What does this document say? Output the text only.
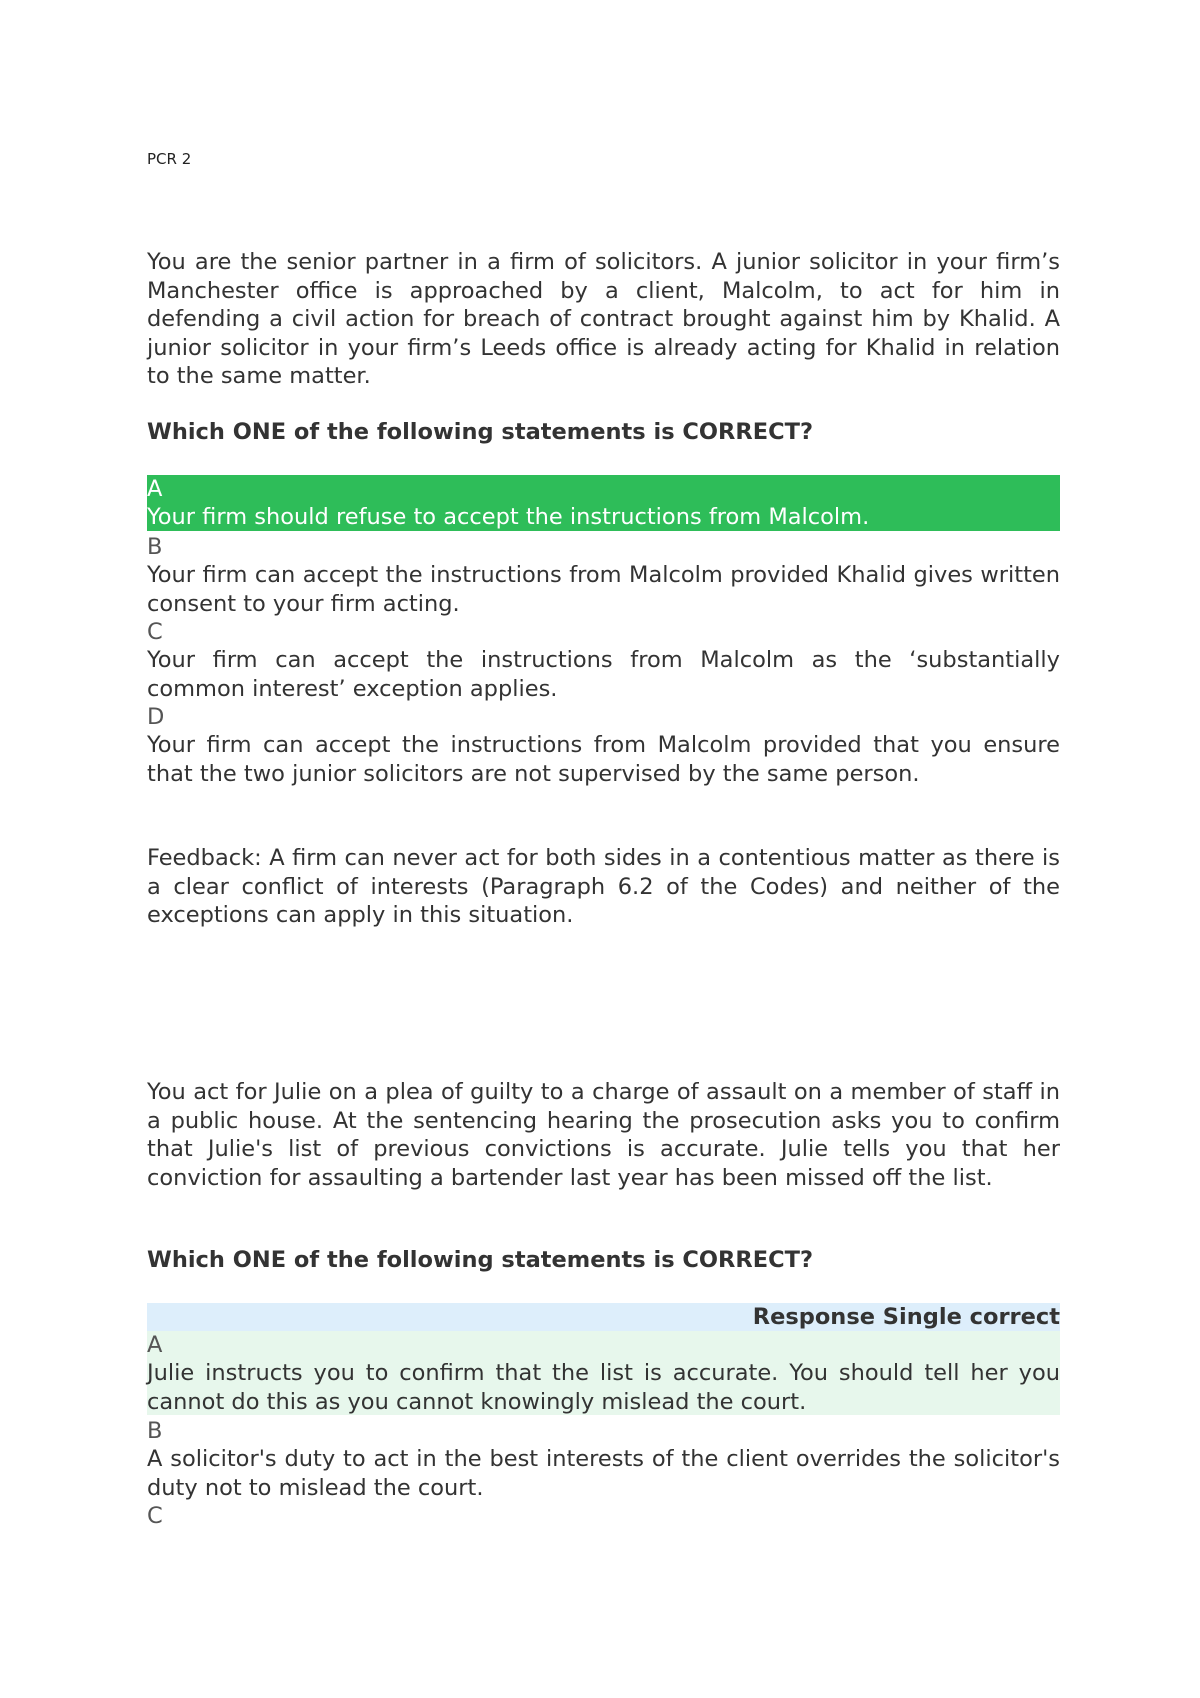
PCR 2
You are the senior partner in a firm of solicitors. A junior solicitor in your firm’s Manchester office is approached by a client, Malcolm, to act for him in defending a civil action for breach of contract brought against him by Khalid. A junior solicitor in your firm’s Leeds office is already acting for Khalid in relation to the same matter.
Which ONE of the following statements is CORRECT?
A
Your firm should refuse to accept the instructions from Malcolm.
B
Your firm can accept the instructions from Malcolm provided Khalid gives written consent to your firm acting.
C
Your firm can accept the instructions from Malcolm as the ‘substantially common interest’ exception applies.
D
Your firm can accept the instructions from Malcolm provided that you ensure that the two junior solicitors are not supervised by the same person.
Feedback: A firm can never act for both sides in a contentious matter as there is a clear conflict of interests (Paragraph 6.2 of the Codes) and neither of the exceptions can apply in this situation.
You act for Julie on a plea of guilty to a charge of assault on a member of staff in a public house. At the sentencing hearing the prosecution asks you to confirm that Julie's list of previous convictions is accurate. Julie tells you that her conviction for assaulting a bartender last year has been missed off the list.
Which ONE of the following statements is CORRECT?
Response Single correct
A
Julie instructs you to confirm that the list is accurate. You should tell her you cannot do this as you cannot knowingly mislead the court.
B
A solicitor's duty to act in the best interests of the client overrides the solicitor's duty not to mislead the court.
C
